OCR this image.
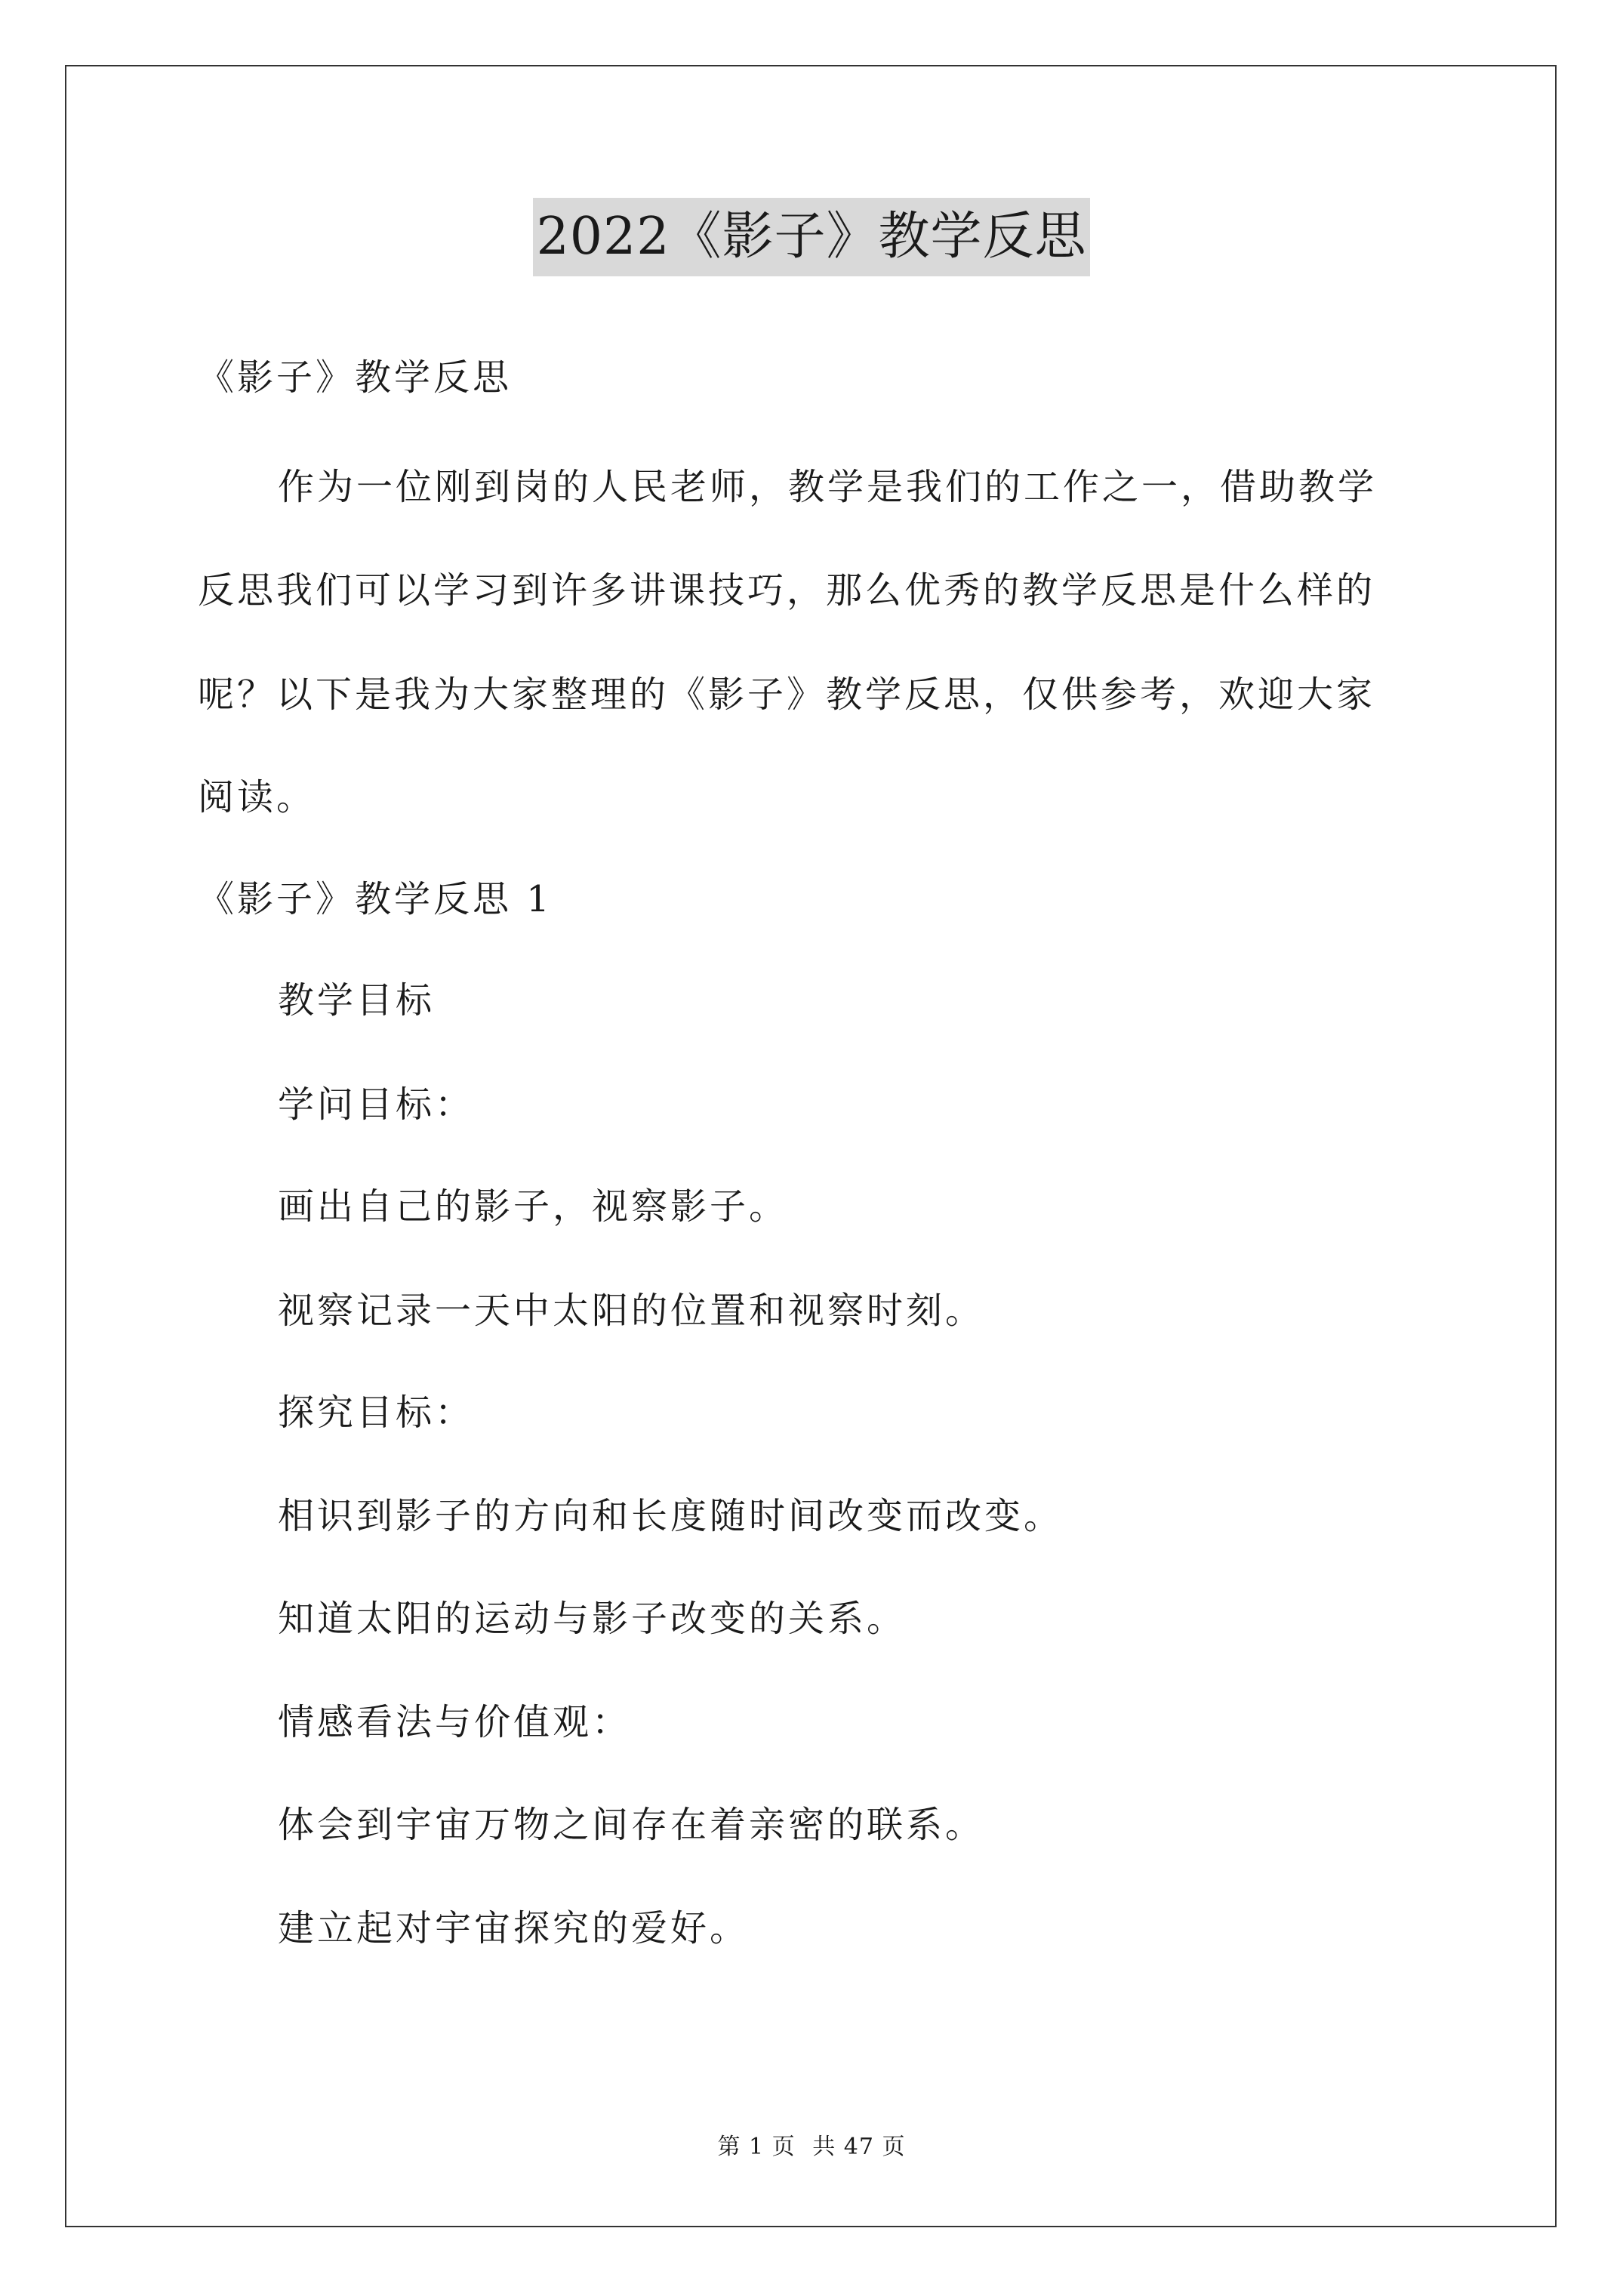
2022《影子》教学反思
《影子》教学反思
作为一位刚到岗的人民老师，教学是我们的工作之一，借助教学
反思我们可以学习到许多讲课技巧，那么优秀的教学反思是什么样的
呢？以下是我为大家整理的《影子》教学反思，仅供参考，欢迎大家
阅读。
《影子》教学反思 1
教学目标
学问目标：
画出自己的影子，视察影子。
视察记录一天中太阳的位置和视察时刻。
探究目标：
相识到影子的方向和长度随时间改变而改变。
知道太阳的运动与影子改变的关系。
情感看法与价值观：
体会到宇宙万物之间存在着亲密的联系。
建立起对宇宙探究的爱好。
第 1 页 共 47 页
